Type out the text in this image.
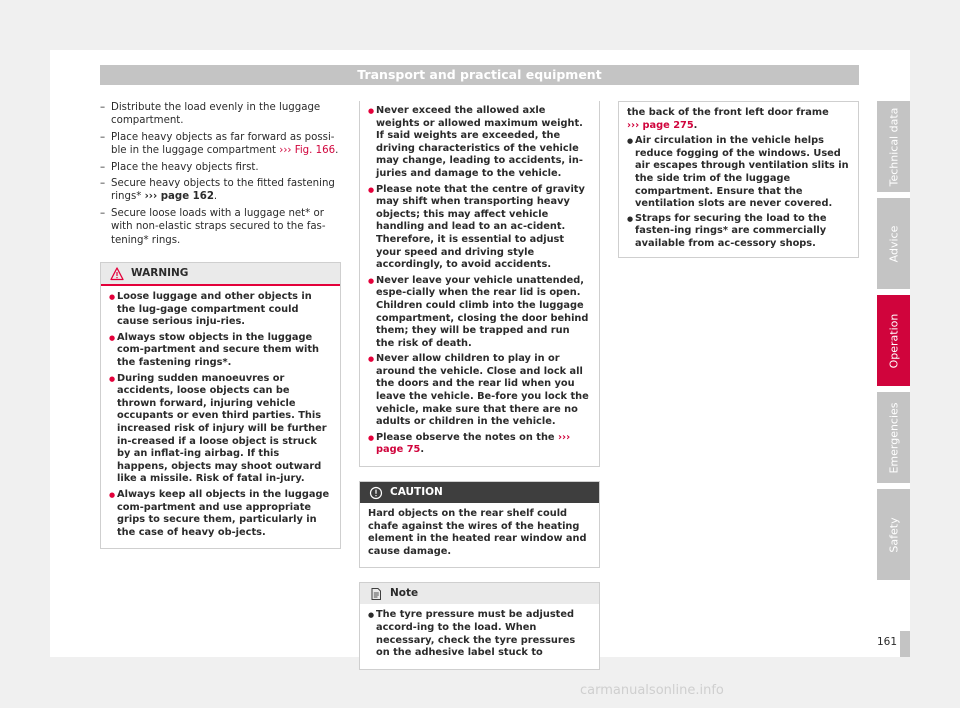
Transport and practical equipment
– Distribute the load evenly in the luggage compartment.
– Place heavy objects as far forward as possi-ble in the luggage compartment ››› Fig. 166.
– Place the heavy objects first.
– Secure heavy objects to the fitted fastening rings* ››› page 162.
– Secure loose loads with a luggage net* or with non-elastic straps secured to the fas-tening* rings.
WARNING

● Loose luggage and other objects in the lug-gage compartment could cause serious inju-ries.

● Always stow objects in the luggage com-partment and secure them with the fastening rings*.

● During sudden manoeuvres or accidents, loose objects can be thrown forward, injuring vehicle occupants or even third parties. This increased risk of injury will be further in-creased if a loose object is struck by an inflat-ing airbag. If this happens, objects may shoot outward like a missile. Risk of fatal in-jury.

● Always keep all objects in the luggage com-partment and use appropriate grips to secure them, particularly in the case of heavy ob-jects.

● Never exceed the allowed axle weights or allowed maximum weight. If said weights are exceeded, the driving characteristics of the vehicle may change, leading to accidents, in-juries and damage to the vehicle.

● Please note that the centre of gravity may shift when transporting heavy objects; this may affect vehicle handling and lead to an ac-cident. Therefore, it is essential to adjust your speed and driving style accordingly, to avoid accidents.

● Never leave your vehicle unattended, espe-cially when the rear lid is open. Children could climb into the luggage compartment, closing the door behind them; they will be trapped and run the risk of death.

● Never allow children to play in or around the vehicle. Close and lock all the doors and the rear lid when you leave the vehicle. Be-fore you lock the vehicle, make sure that there are no adults or children in the vehicle.

● Please observe the notes on the ››› page 75.

CAUTION

Hard objects on the rear shelf could chafe against the wires of the heating element in the heated rear window and cause damage.

Note

● The tyre pressure must be adjusted accord-ing to the load. When necessary, check the tyre pressures on the adhesive label stuck to

the back of the front left door frame
››› page 275.

● Air circulation in the vehicle helps reduce fogging of the windows. Used air escapes through ventilation slits in the side trim of the luggage compartment. Ensure that the ventilation slots are never covered.

● Straps for securing the load to the fasten-ing rings* are commercially available from ac-cessory shops.

Technical data
Advice
Operation
Emergencies
Safety
161
carmanualsonline.info
